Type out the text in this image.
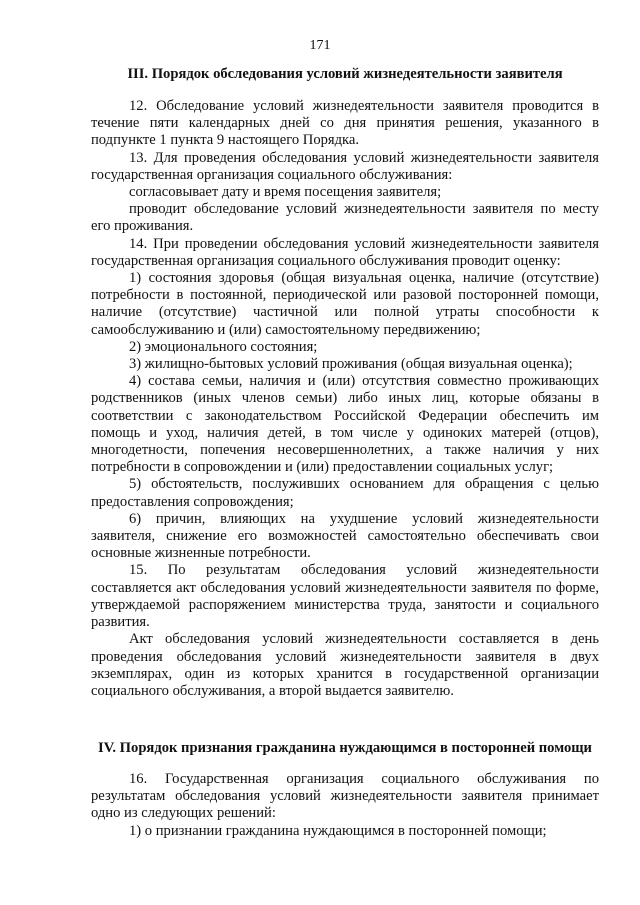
171
III. Порядок обследования условий жизнедеятельности заявителя

12. Обследование условий жизнедеятельности заявителя проводится в течение пяти календарных дней со дня принятия решения, указанного в подпункте 1 пункта 9 настоящего Порядка.

13. Для проведения обследования условий жизнедеятельности заявителя государственная организация социального обслуживания:

согласовывает дату и время посещения заявителя;

проводит обследование условий жизнедеятельности заявителя по месту его проживания.

14. При проведении обследования условий жизнедеятельности заявителя государственная организация социального обслуживания проводит оценку:

1) состояния здоровья (общая визуальная оценка, наличие (отсутствие) потребности в постоянной, периодической или разовой посторонней помощи, наличие (отсутствие) частичной или полной утраты способности к самообслуживанию и (или) самостоятельному передвижению;

2) эмоционального состояния;

3) жилищно-бытовых условий проживания (общая визуальная оценка);

4) состава семьи, наличия и (или) отсутствия совместно проживающих родственников (иных членов семьи) либо иных лиц, которые обязаны в соответствии с законодательством Российской Федерации обеспечить им помощь и уход, наличия детей, в том числе у одиноких матерей (отцов), многодетности, попечения несовершеннолетних, а также наличия у них потребности в сопровождении и (или) предоставлении социальных услуг;

5) обстоятельств, послуживших основанием для обращения с целью предоставления сопровождения;

6) причин, влияющих на ухудшение условий жизнедеятельности заявителя, снижение его возможностей самостоятельно обеспечивать свои основные жизненные потребности.

15. По результатам обследования условий жизнедеятельности составляется акт обследования условий жизнедеятельности заявителя по форме, утверждаемой распоряжением министерства труда, занятости и социального развития.

Акт обследования условий жизнедеятельности составляется в день проведения обследования условий жизнедеятельности заявителя в двух экземплярах, один из которых хранится в государственной организации социального обслуживания, а второй выдается заявителю.

IV. Порядок признания гражданина нуждающимся в посторонней помощи

16. Государственная организация социального обслуживания по результатам обследования условий жизнедеятельности заявителя принимает одно из следующих решений:

1) о признании гражданина нуждающимся в посторонней помощи;
